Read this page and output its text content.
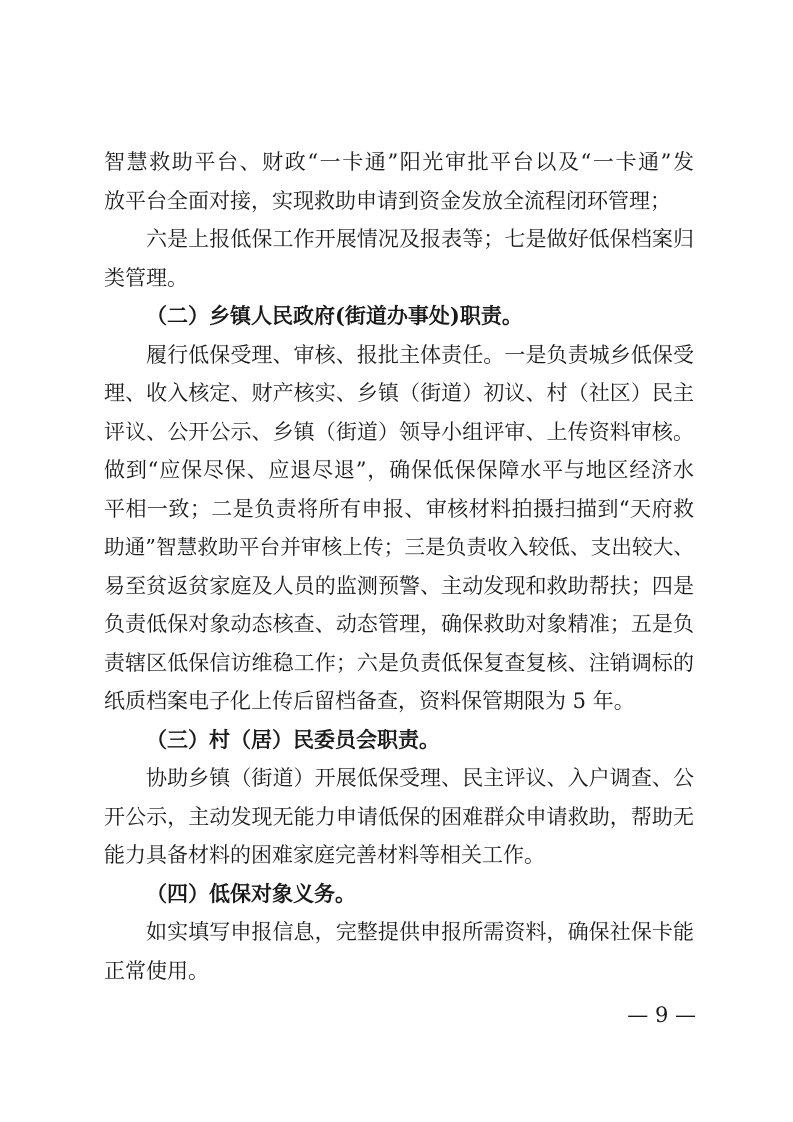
智慧救助平台、财政“一卡通”阳光审批平台以及“一卡通”发
放平台全面对接，实现救助申请到资金发放全流程闭环管理；
六是上报低保工作开展情况及报表等；七是做好低保档案归
类管理。
（二）乡镇人民政府(街道办事处)职责。
履行低保受理、审核、报批主体责任。一是负责城乡低保受
理、收入核定、财产核实、乡镇（街道）初议、村（社区）民主
评议、公开公示、乡镇（街道）领导小组评审、上传资料审核。
做到“应保尽保、应退尽退”，确保低保保障水平与地区经济水
平相一致；二是负责将所有申报、审核材料拍摄扫描到“天府救
助通”智慧救助平台并审核上传；三是负责收入较低、支出较大、
易至贫返贫家庭及人员的监测预警、主动发现和救助帮扶；四是
负责低保对象动态核查、动态管理，确保救助对象精准；五是负
责辖区低保信访维稳工作；六是负责低保复查复核、注销调标的
纸质档案电子化上传后留档备查，资料保管期限为 5 年。
（三）村（居）民委员会职责。
协助乡镇（街道）开展低保受理、民主评议、入户调查、公
开公示，主动发现无能力申请低保的困难群众申请救助，帮助无
能力具备材料的困难家庭完善材料等相关工作。
（四）低保对象义务。
如实填写申报信息，完整提供申报所需资料，确保社保卡能
正常使用。
— 9 —
